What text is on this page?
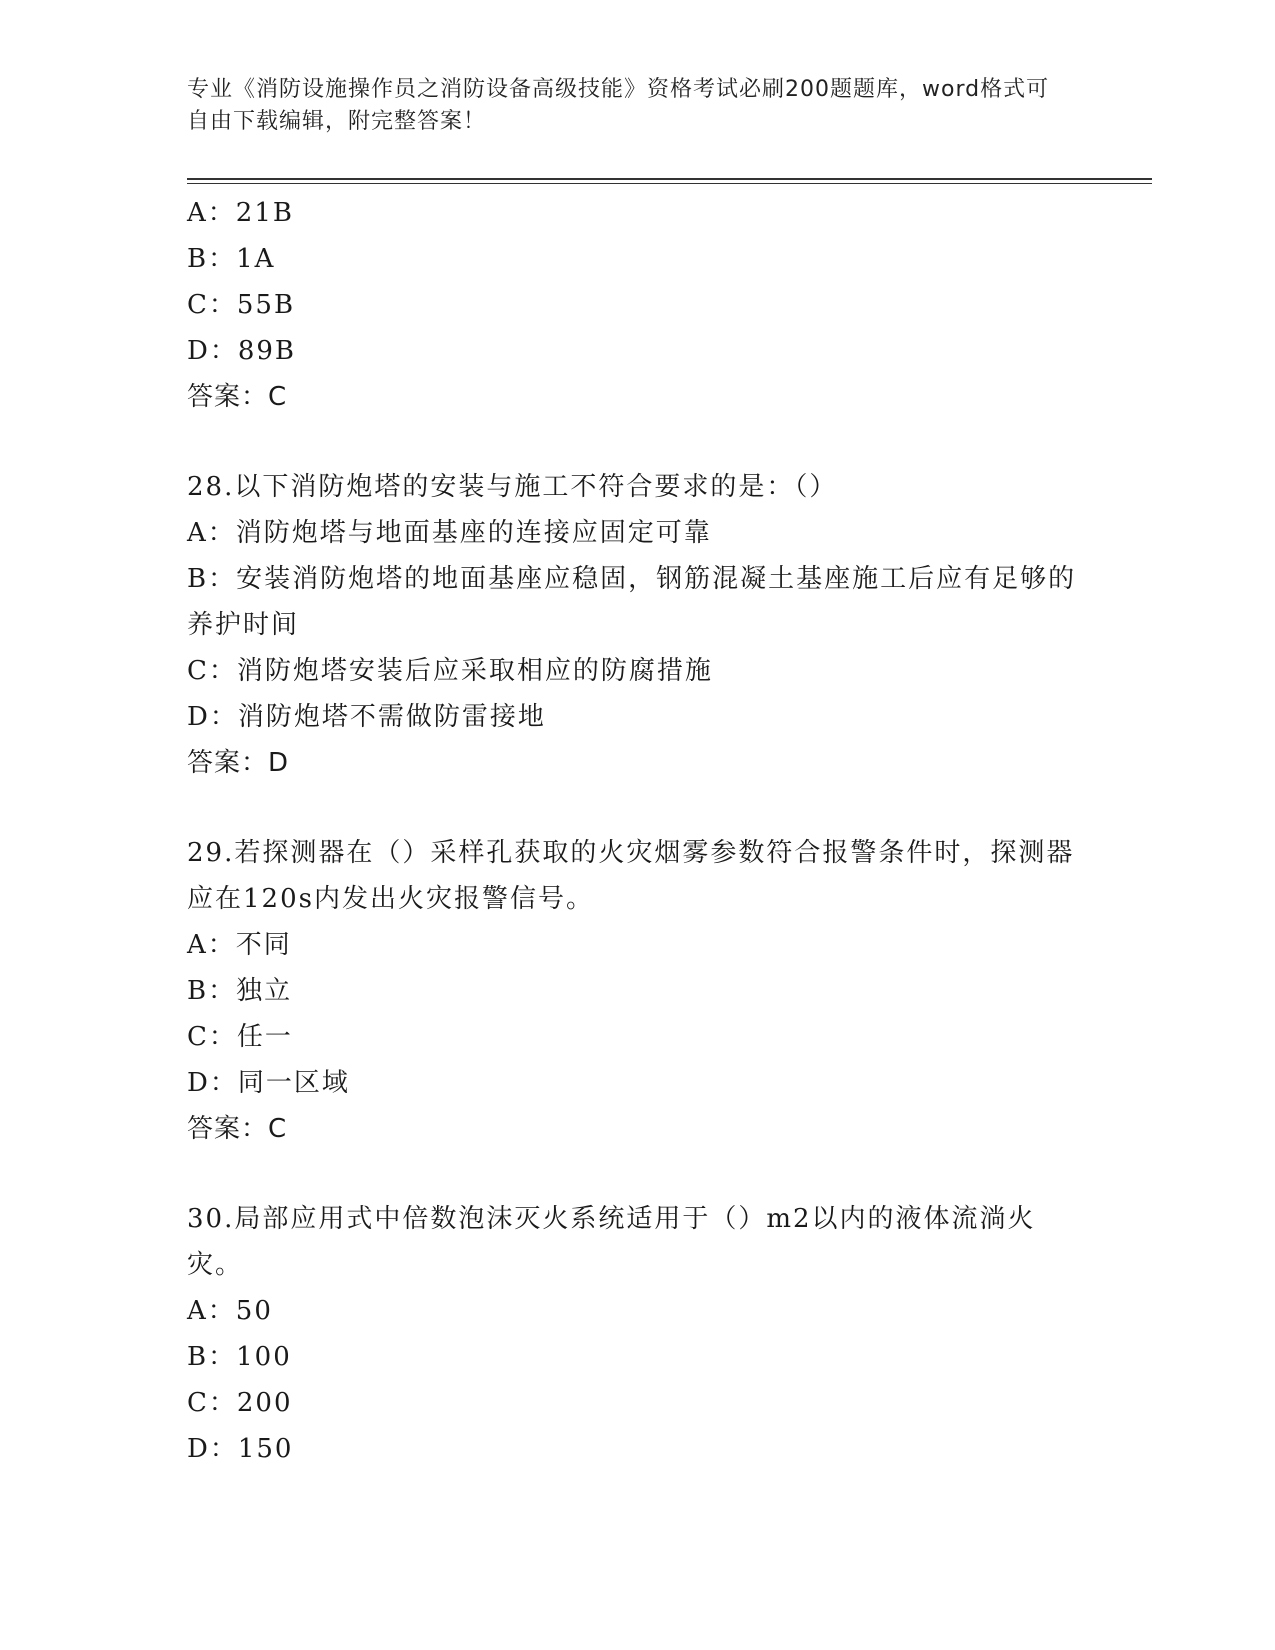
专业《消防设施操作员之消防设备高级技能》资格考试必刷200题题库，word格式可自由下载编辑，附完整答案！
A：21B
B：1A
C：55B
D：89B
答案：C
28.以下消防炮塔的安装与施工不符合要求的是：（）
A：消防炮塔与地面基座的连接应固定可靠
B：安装消防炮塔的地面基座应稳固，钢筋混凝土基座施工后应有足够的养护时间
C：消防炮塔安装后应采取相应的防腐措施
D：消防炮塔不需做防雷接地
答案：D
29.若探测器在（）采样孔获取的火灾烟雾参数符合报警条件时，探测器应在120s内发出火灾报警信号。
A：不同
B：独立
C：任一
D：同一区域
答案：C
30.局部应用式中倍数泡沫灭火系统适用于（）m2以内的液体流淌火灾。
A：50
B：100
C：200
D：150
